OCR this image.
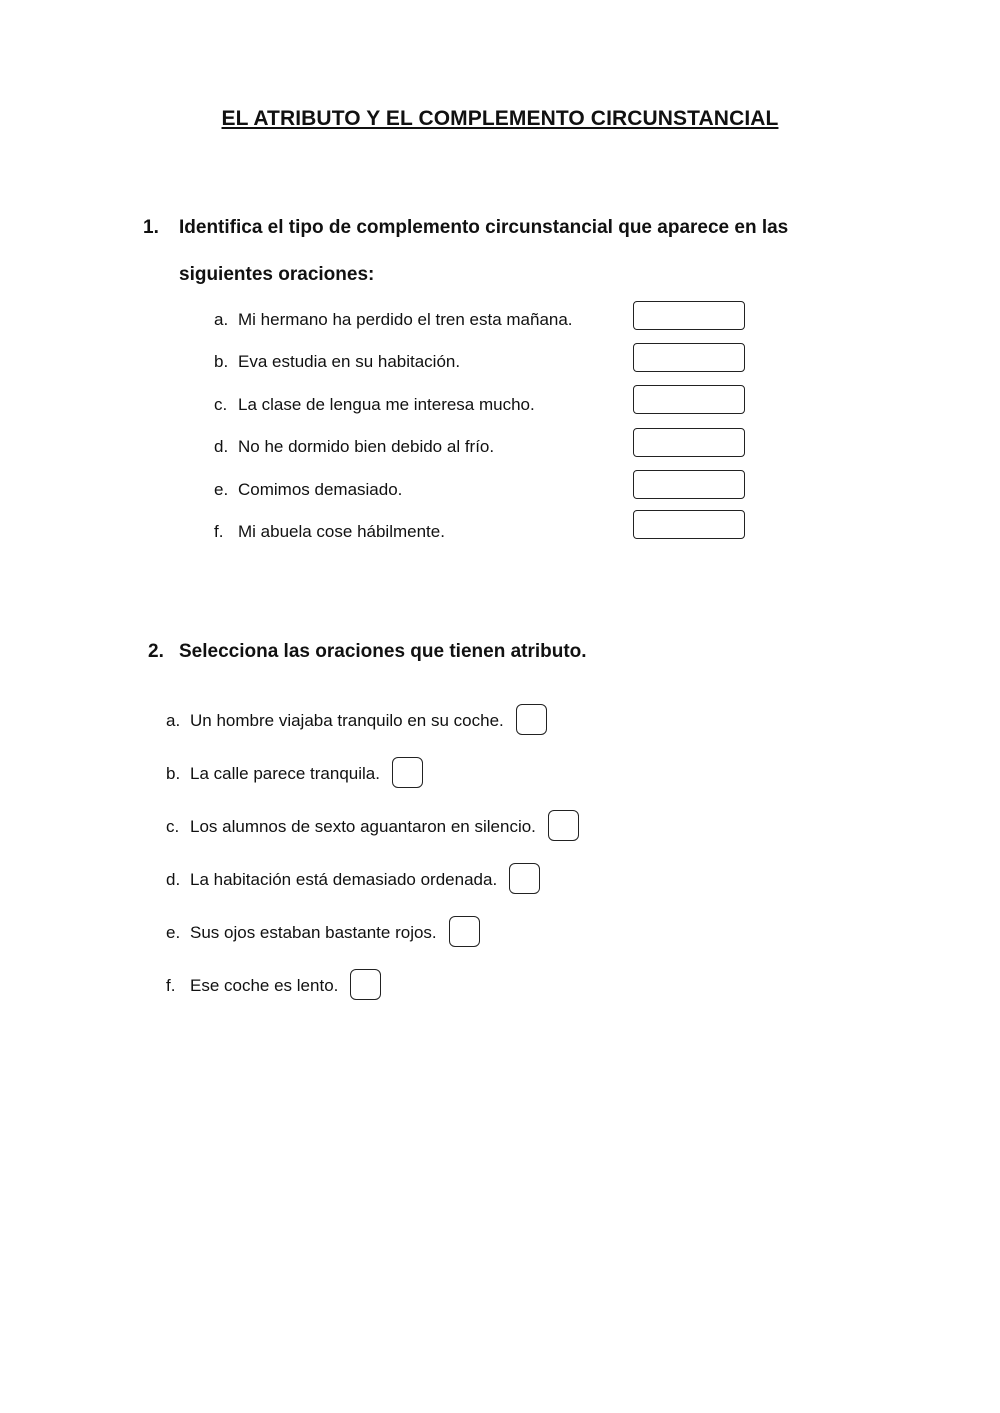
EL ATRIBUTO Y EL COMPLEMENTO CIRCUNSTANCIAL
1. Identifica el tipo de complemento circunstancial que aparece en las
siguientes oraciones:
a. Mi hermano ha perdido el tren esta mañana.
b. Eva estudia en su habitación.
c. La clase de lengua me interesa mucho.
d. No he dormido bien debido al frío.
e. Comimos demasiado.
f. Mi abuela cose hábilmente.
2. Selecciona las oraciones que tienen atributo.
a. Un hombre viajaba tranquilo en su coche.
b. La calle parece tranquila.
c. Los alumnos de sexto aguantaron en silencio.
d. La habitación está demasiado ordenada.
e. Sus ojos estaban bastante rojos.
f. Ese coche es lento.
